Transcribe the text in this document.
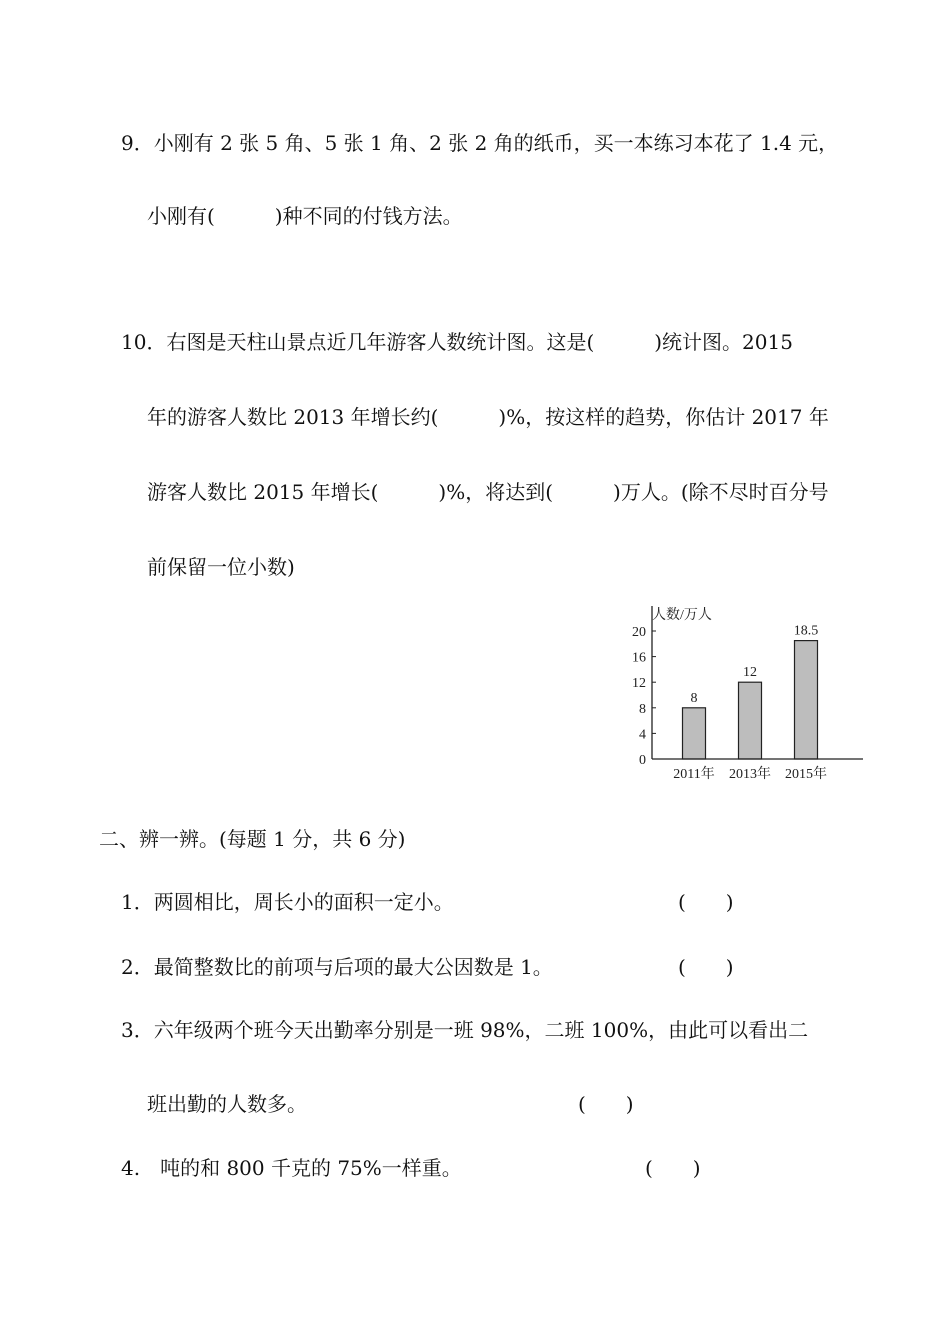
9．小刚有 2 张 5 角、5 张 1 角、2 张 2 角的纸币，买一本练习本花了 1.4 元，
小刚有(　　　)种不同的付钱方法。
10．右图是天柱山景点近几年游客人数统计图。这是(　　　)统计图。2015
年的游客人数比 2013 年增长约(　　　)%，按这样的趋势，你估计 2017 年
游客人数比 2015 年增长(　　　)%，将达到(　　　)万人。(除不尽时百分号
前保留一位小数)
人数/万人
0
4
8
12
16
20
8
12
18.5
2011年 2013年 2015年
二、辨一辨。(每题 1 分，共 6 分)
1．两圆相比，周长小的面积一定小。	(　　)
2．最简整数比的前项与后项的最大公因数是 1。	(　　)
3．六年级两个班今天出勤率分别是一班 98%，二班 100%，由此可以看出二
班出勤的人数多。	(　　)
4.　吨的和 800 千克的 75%一样重。	(　　)
